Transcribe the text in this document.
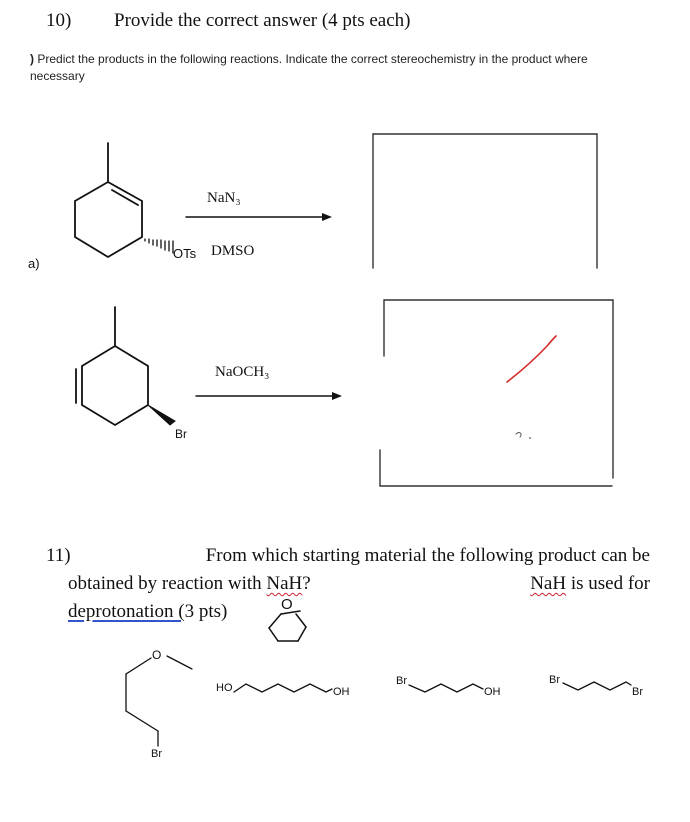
10) Provide the correct answer (4 pts each)
) Predict the products in the following reactions. Indicate the correct stereochemistry in the product where necessary
a)
OTs
NaN₃
DMSO
Br
NaOCH₃
11)	From which starting material the following product can be
obtained by reaction with NaH?	NaH is used for
deprotonation (3 pts)	O
O
Br
HO	OH
Br
OH
Br
Br
